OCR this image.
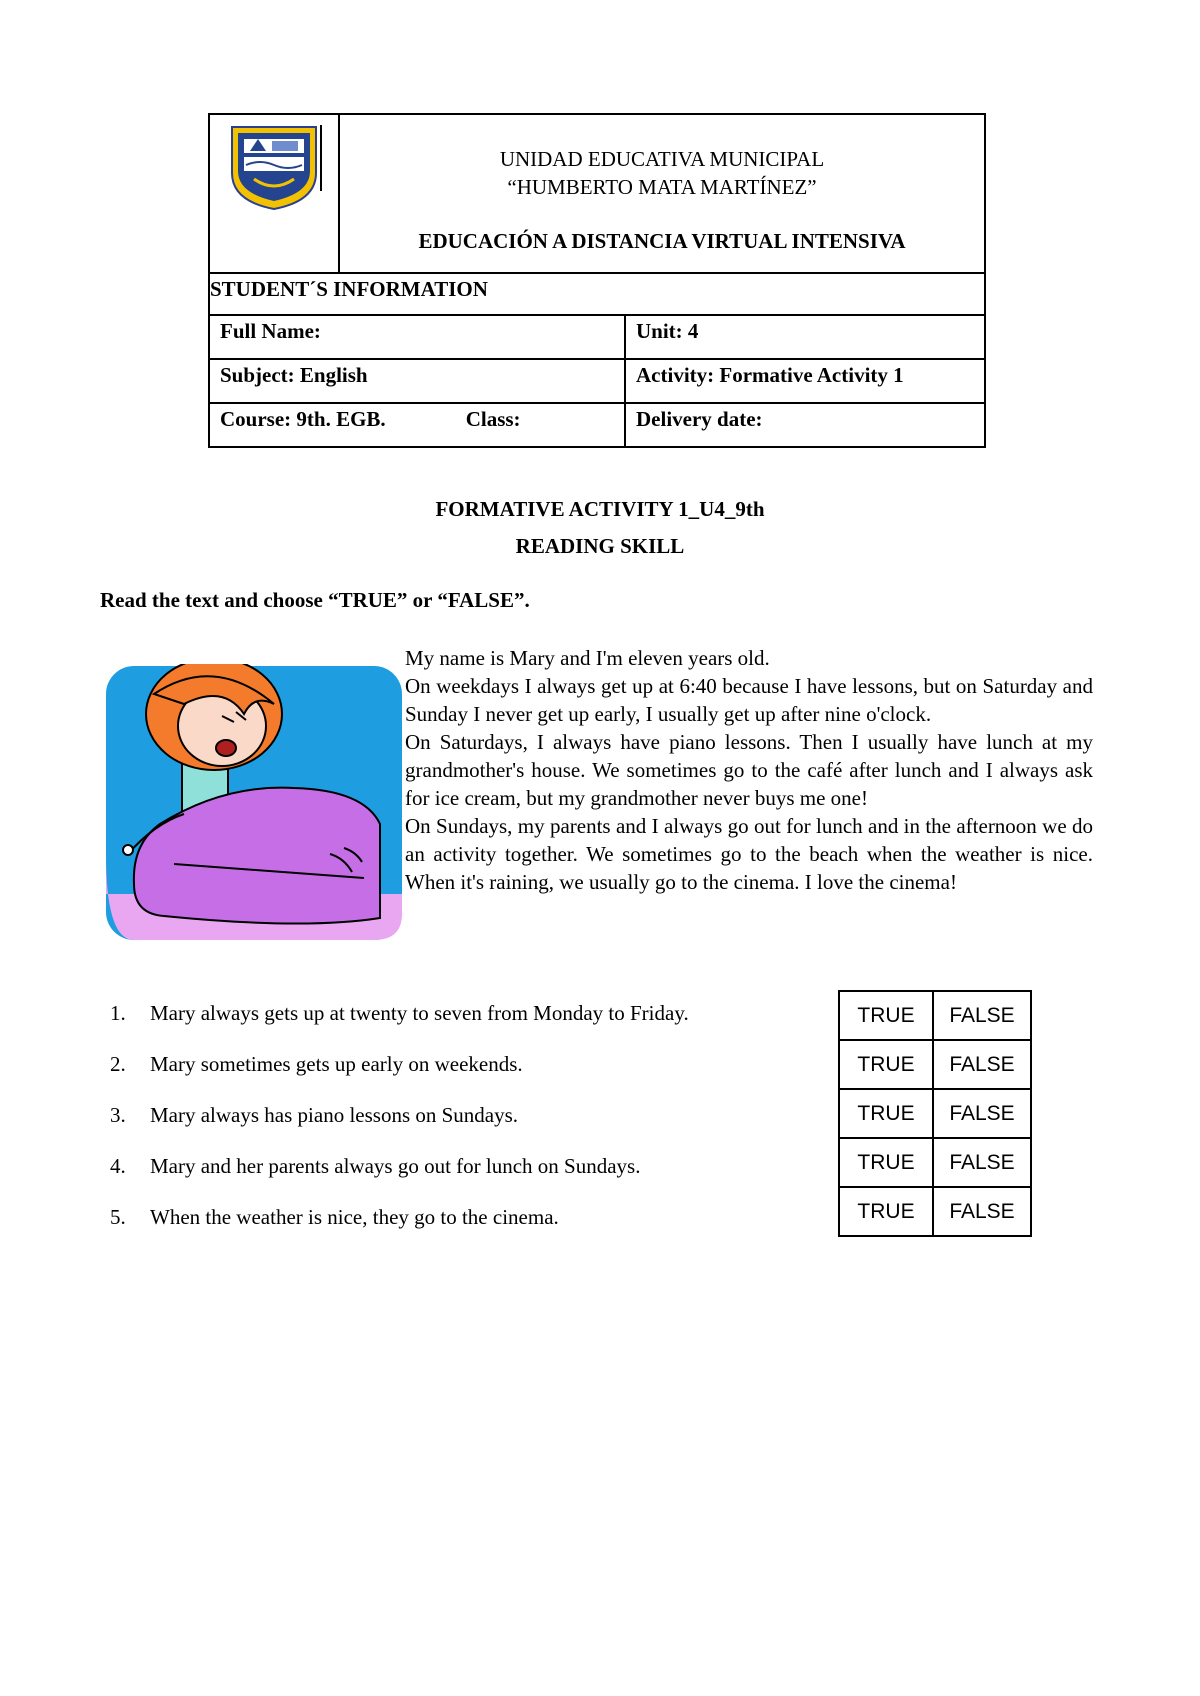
UNIDAD EDUCATIVA MUNICIPAL
“HUMBERTO MATA MARTÍNEZ”
EDUCACIÓN A DISTANCIA VIRTUAL INTENSIVA
STUDENT´S INFORMATION
Full Name:	Unit: 4
Subject: English	Activity: Formative Activity 1
Course: 9th. EGB.	Class:	Delivery date:
FORMATIVE ACTIVITY 1_U4_9th
READING SKILL
Read the text and choose “TRUE” or “FALSE”.

My name is Mary and I'm eleven years old.

On weekdays I always get up at 6:40 because I have lessons, but on Saturday and Sunday I never get up early, I usually get up after nine o'clock.

On Saturdays, I always have piano lessons. Then I usually have lunch at my grandmother's house. We sometimes go to the café after lunch and I always ask for ice cream, but my grandmother never buys me one!

On Sundays, my parents and I always go out for lunch and in the afternoon we do an activity together. We sometimes go to the beach when the weather is nice. When it's raining, we usually go to the cinema. I love the cinema!

1.	Mary always gets up at twenty to seven from Monday to Friday.
2.	Mary sometimes gets up early on weekends.
3.	Mary always has piano lessons on Sundays.
4.	Mary and her parents always go out for lunch on Sundays.
5.	When the weather is nice, they go to the cinema.
TRUE	FALSE
TRUE	FALSE
TRUE	FALSE
TRUE	FALSE
TRUE	FALSE
